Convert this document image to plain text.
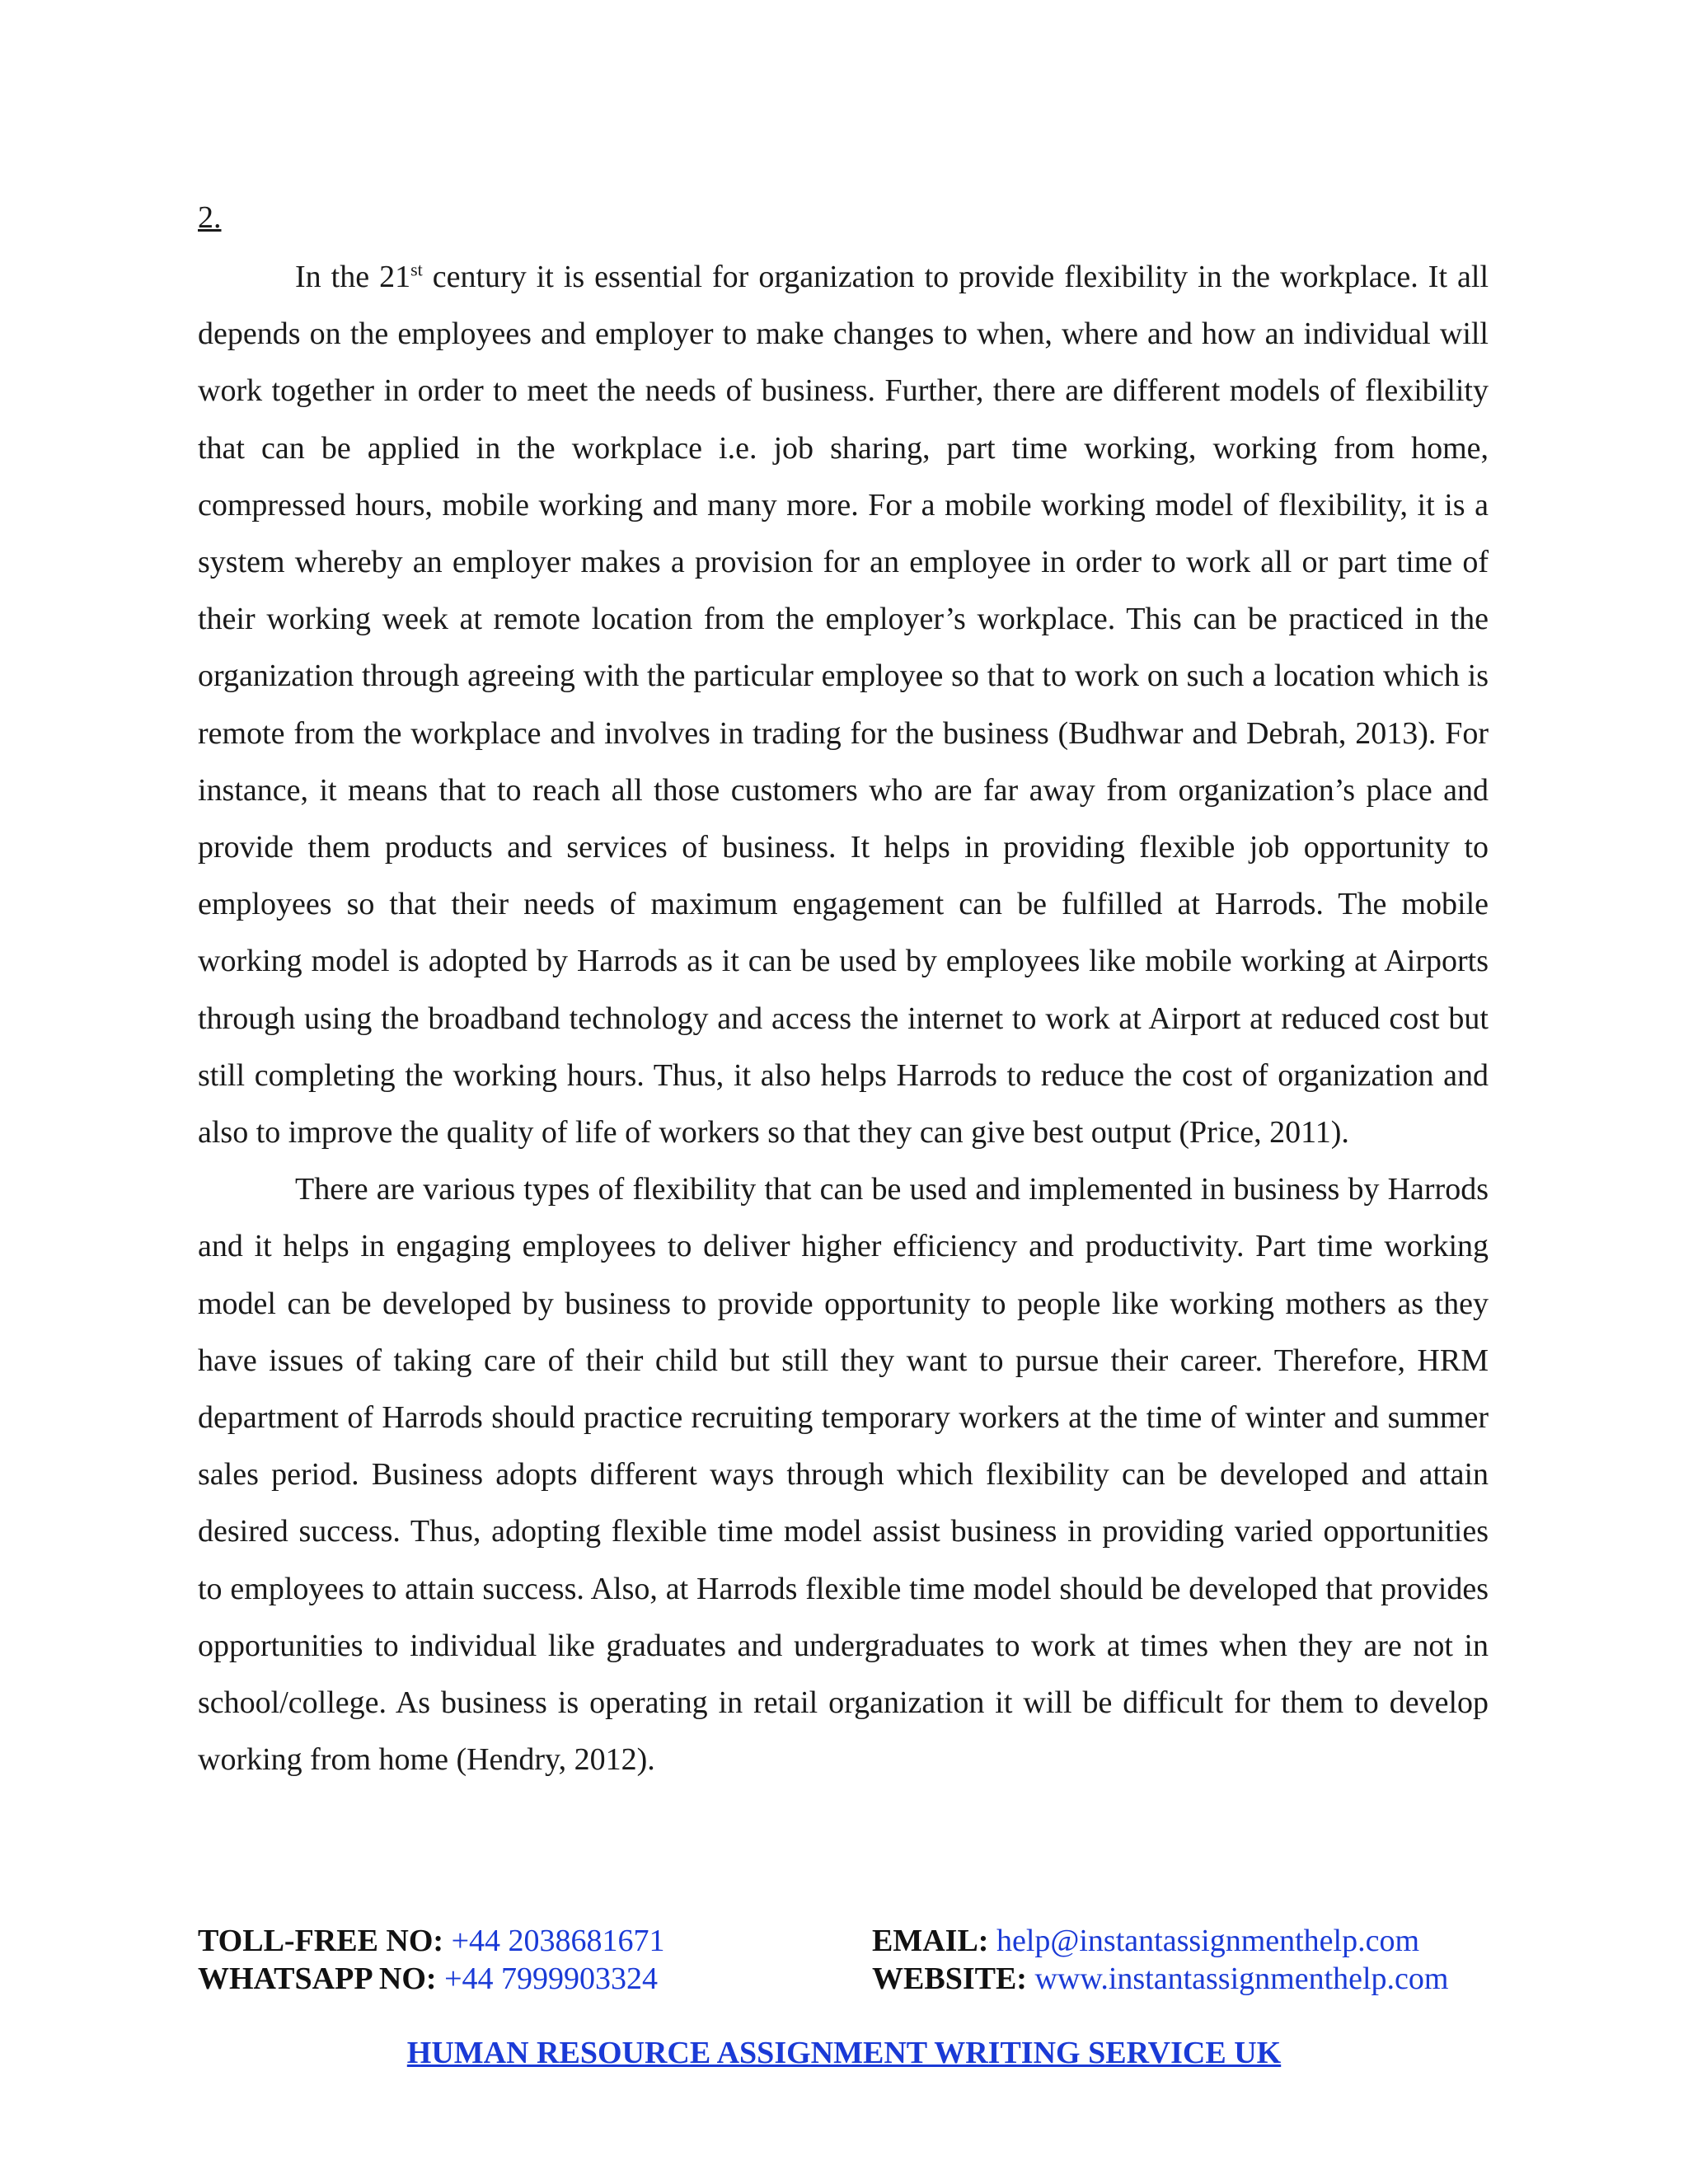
2.

In the 21st century it is essential for organization to provide flexibility in the workplace. It all depends on the employees and employer to make changes to when, where and how an individual will work together in order to meet the needs of business. Further, there are different models of flexibility that can be applied in the workplace i.e. job sharing, part time working, working from home, compressed hours, mobile working and many more. For a mobile working model of flexibility, it is a system whereby an employer makes a provision for an employee in order to work all or part time of their working week at remote location from the employer’s workplace. This can be practiced in the organization through agreeing with the particular employee so that to work on such a location which is remote from the workplace and involves in trading for the business (Budhwar and Debrah, 2013). For instance, it means that to reach all those customers who are far away from organization’s place and provide them products and services of business. It helps in providing flexible job opportunity to employees so that their needs of maximum engagement can be fulfilled at Harrods. The mobile working model is adopted by Harrods as it can be used by employees like mobile working at Airports through using the broadband technology and access the internet to work at Airport at reduced cost but still completing the working hours. Thus, it also helps Harrods to reduce the cost of organization and also to improve the quality of life of workers so that they can give best output (Price, 2011).

There are various types of flexibility that can be used and implemented in business by Harrods and it helps in engaging employees to deliver higher efficiency and productivity. Part time working model can be developed by business to provide opportunity to people like working mothers as they have issues of taking care of their child but still they want to pursue their career. Therefore, HRM department of Harrods should practice recruiting temporary workers at the time of winter and summer sales period. Business adopts different ways through which flexibility can be developed and attain desired success. Thus, adopting flexible time model assist business in providing varied opportunities to employees to attain success. Also, at Harrods flexible time model should be developed that provides opportunities to individual like graduates and undergraduates to work at times when they are not in school/college. As business is operating in retail organization it will be difficult for them to develop working from home (Hendry, 2012).

TOLL-FREE NO: +44 2038681671
WHATSAPP NO: +44 7999903324
EMAIL: help@instantassignmenthelp.com
WEBSITE: www.instantassignmenthelp.com
HUMAN RESOURCE ASSIGNMENT WRITING SERVICE UK
